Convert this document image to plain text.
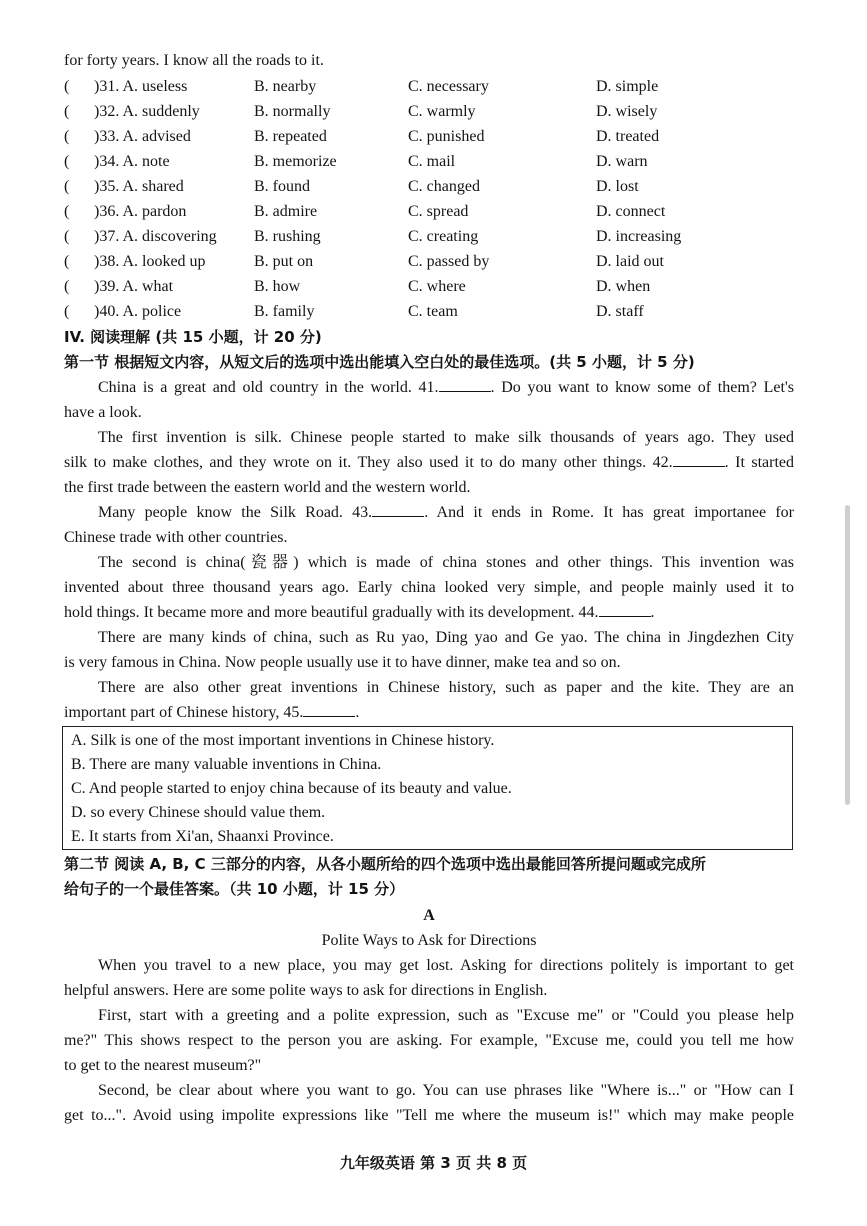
for forty years. I know all the roads to it.
( )31. A. useless	B. nearby	C. necessary	D. simple
( )32. A. suddenly	B. normally	C. warmly	D. wisely
( )33. A. advised	B. repeated	C. punished	D. treated
( )34. A. note	B. memorize	C. mail	D. warn
( )35. A. shared	B. found	C. changed	D. lost
( )36. A. pardon	B. admire	C. spread	D. connect
( )37. A. discovering B. rushing	C. creating	D. increasing
( )38. A. looked up	B. put on	C. passed by	D. laid out
( )39. A. what	B. how	C. where	D. when
( )40. A. police	B. family	C. team	D. staff
IV. 阅读理解 (共 15 小题，计 20 分)
第一节 根据短文内容，从短文后的选项中选出能填入空白处的最佳选项。(共 5 小题，计 5 分)
China is a great and old country in the world. 41.	. Do you want to know some of them? Let's
have a look.
The first invention is silk. Chinese people started to make silk thousands of years ago. They used
silk to make clothes, and they wrote on it. They also used it to do many other things. 42.	. It started
the first trade between the eastern world and the western world.
Many people know the Silk Road. 43.	. And it ends in Rome. It has great importanee for
Chinese trade with other countries.
The second is china(瓷器) which is made of china stones and other things. This invention was
invented about three thousand years ago. Early china looked very simple, and people mainly used it to
hold things. It became more and more beautiful gradually with its development. 44.	.
There are many kinds of china, such as Ru yao, Ding yao and Ge yao. The china in Jingdezhen City
is very famous in China. Now people usually use it to have dinner, make tea and so on.
There are also other great inventions in Chinese history, such as paper and the kite. They are an
important part of Chinese history, 45.	.
A. Silk is one of the most important inventions in Chinese history.
B. There are many valuable inventions in China.
C. And people started to enjoy china because of its beauty and value.
D. so every Chinese should value them.
E. It starts from Xi'an, Shaanxi Province.
第二节 阅读 A, B, C 三部分的内容，从各小题所给的四个选项中选出最能回答所提问题或完成所
给句子的一个最佳答案。（共 10 小题，计 15 分）
A
Polite Ways to Ask for Directions
When you travel to a new place, you may get lost. Asking for directions politely is important to get
helpful answers. Here are some polite ways to ask for directions in English.
First, start with a greeting and a polite expression, such as "Excuse me" or "Could you please help
me?" This shows respect to the person you are asking. For example, "Excuse me, could you tell me how
to get to the nearest museum?"
Second, be clear about where you want to go. You can use phrases like "Where is..." or "How can I
get to...". Avoid using impolite expressions like "Tell me where the museum is!" which may make people
九年级英语 第 3 页 共 8 页
